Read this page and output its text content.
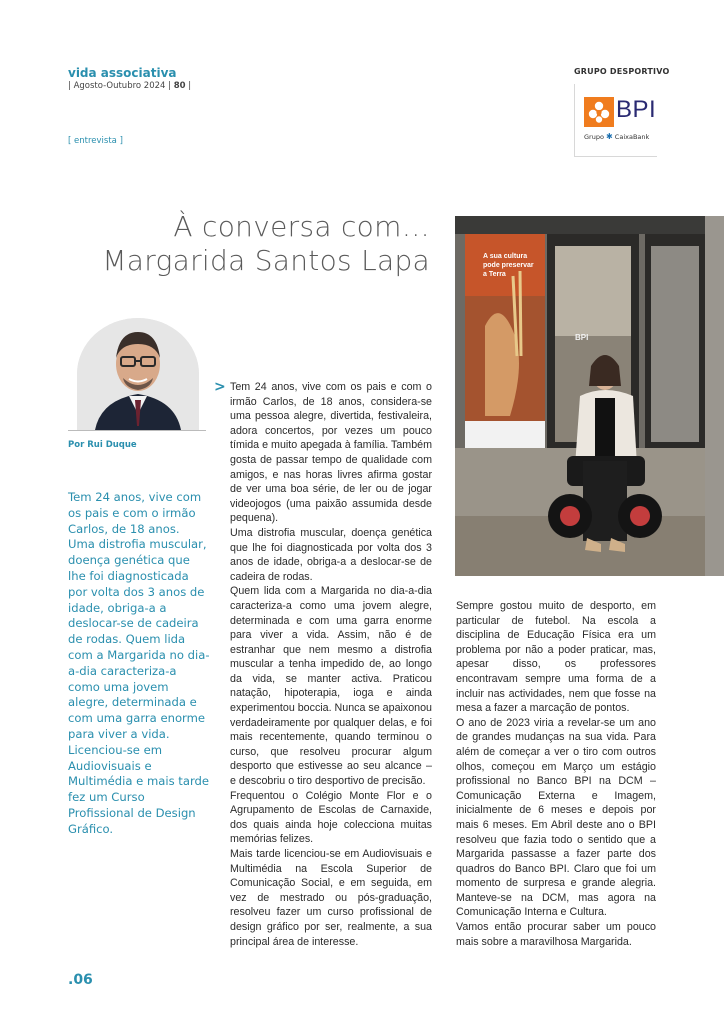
vida associativa
| Agosto-Outubro 2024 | 80 |
[ entrevista ]
GRUPO DESPORTIVO
BPI
Grupo ✱ CaixaBank
À conversa com…
Margarida Santos Lapa	A sua cultura
pode preservar
a Terra
BPI
Por Rui Duque
Tem 24 anos, vive com os pais e com o irmão Carlos, de 18 anos. Uma distrofia muscular, doença genética que lhe foi diagnosticada por volta dos 3 anos de idade, obriga-a a deslocar-se de cadeira de rodas. Quem lida com a Margarida no dia-a-dia caracteriza-a como uma jovem alegre, determinada e com uma garra enorme para viver a vida. Licenciou-se em Audiovisuais e Multimédia e mais tarde fez um Curso Profissional de Design Gráfico.
> Tem 24 anos, vive com os pais e com o irmão Carlos, de 18 anos, considera-se uma pessoa alegre, divertida, festivaleira, adora concertos, por vezes um pouco tímida e muito apegada à família. Também gosta de passar tempo de qualidade com amigos, e nas horas livres afirma gostar de ver uma boa série, de ler ou de jogar videojogos (uma paixão assumida desde pequena).

Uma distrofia muscular, doença genética que lhe foi diagnosticada por volta dos 3 anos de idade, obriga-a a deslocar-se de cadeira de rodas.

Quem lida com a Margarida no dia-a-dia caracteriza-a como uma jovem alegre, determinada e com uma garra enorme para viver a vida. Assim, não é de estranhar que nem mesmo a distrofia muscular a tenha impedido de, ao longo da vida, se manter activa. Praticou natação, hipoterapia, ioga e ainda experimentou boccia. Nunca se apaixonou verdadeiramente por qualquer delas, e foi mais recentemente, quando terminou o curso, que resolveu procurar algum desporto que estivesse ao seu alcance – e descobriu o tiro desportivo de precisão.

Frequentou o Colégio Monte Flor e o Agrupamento de Escolas de Carnaxide, dos quais ainda hoje colecciona muitas memórias felizes.

Mais tarde licenciou-se em Audiovisuais e Multimédia na Escola Superior de Comunicação Social, e em seguida, em vez de mestrado ou pós-graduação, resolveu fazer um curso profissional de design gráfico por ser, realmente, a sua principal área de interesse.

Sempre gostou muito de desporto, em particular de futebol. Na escola a disciplina de Educação Física era um problema por não a poder praticar, mas, apesar disso, os professores encontravam sempre uma forma de a incluir nas actividades, nem que fosse na mesa a fazer a marcação de pontos.

O ano de 2023 viria a revelar-se um ano de grandes mudanças na sua vida. Para além de começar a ver o tiro com outros olhos, começou em Março um estágio profissional no Banco BPI na DCM – Comunicação Externa e Imagem, inicialmente de 6 meses e depois por mais 6 meses. Em Abril deste ano o BPI resolveu que fazia todo o sentido que a Margarida passasse a fazer parte dos quadros do Banco BPI. Claro que foi um momento de surpresa e grande alegria. Manteve-se na DCM, mas agora na Comunicação Interna e Cultura.

Vamos então procurar saber um pouco mais sobre a maravilhosa Margarida.

.06
